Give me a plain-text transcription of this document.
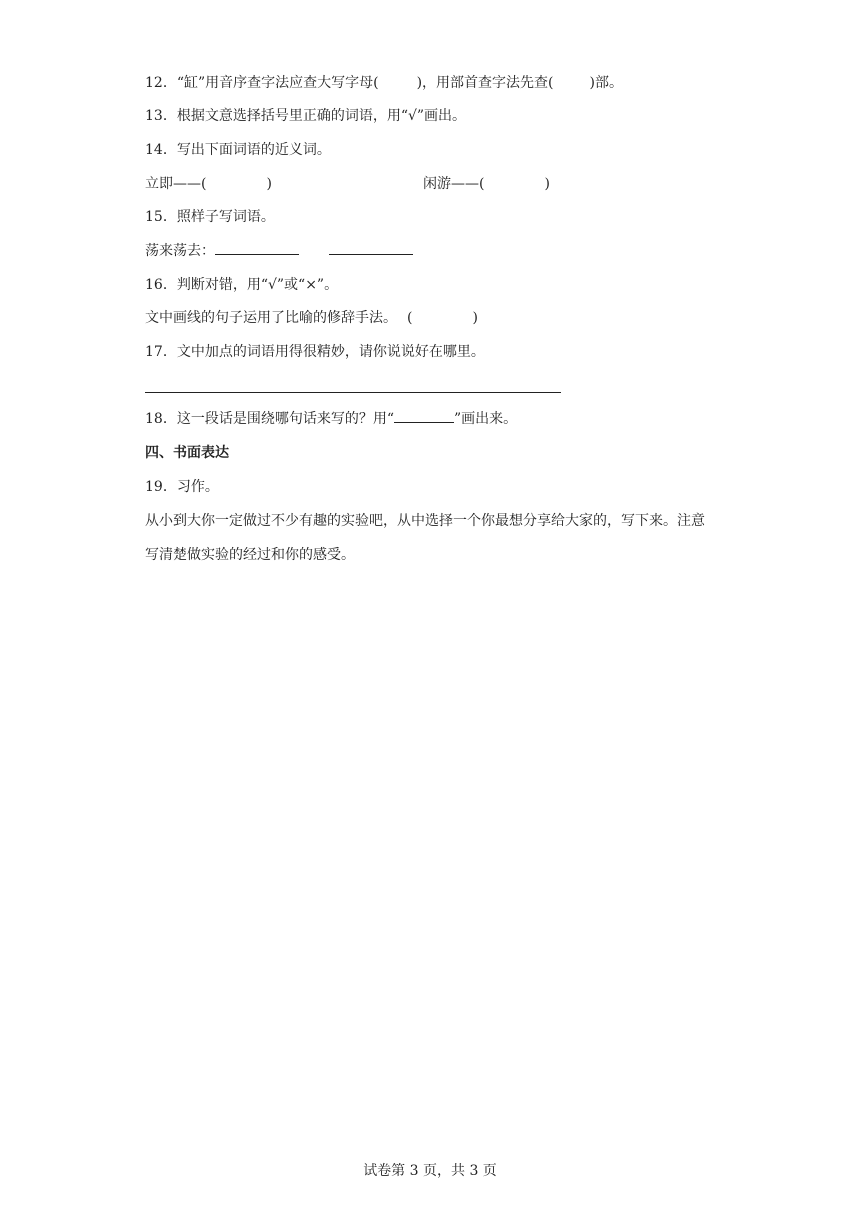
12．“缸”用音序查字法应查大写字母(	)，用部首查字法先查(	)部。
13．根据文意选择括号里正确的词语，用“√”画出。
14．写出下面词语的近义词。
立即——(	)	闲游——(	)
15．照样子写词语。
荡来荡去：
16．判断对错，用“√”或“×”。
文中画线的句子运用了比喻的修辞手法。 (	)
17．文中加点的词语用得很精妙，请你说说好在哪里。
18．这一段话是围绕哪句话来写的？用“	”画出来。
四、书面表达
19．习作。
从小到大你一定做过不少有趣的实验吧，从中选择一个你最想分享给大家的，写下来。注意写清楚做实验的经过和你的感受。
试卷第 3 页，共 3 页
